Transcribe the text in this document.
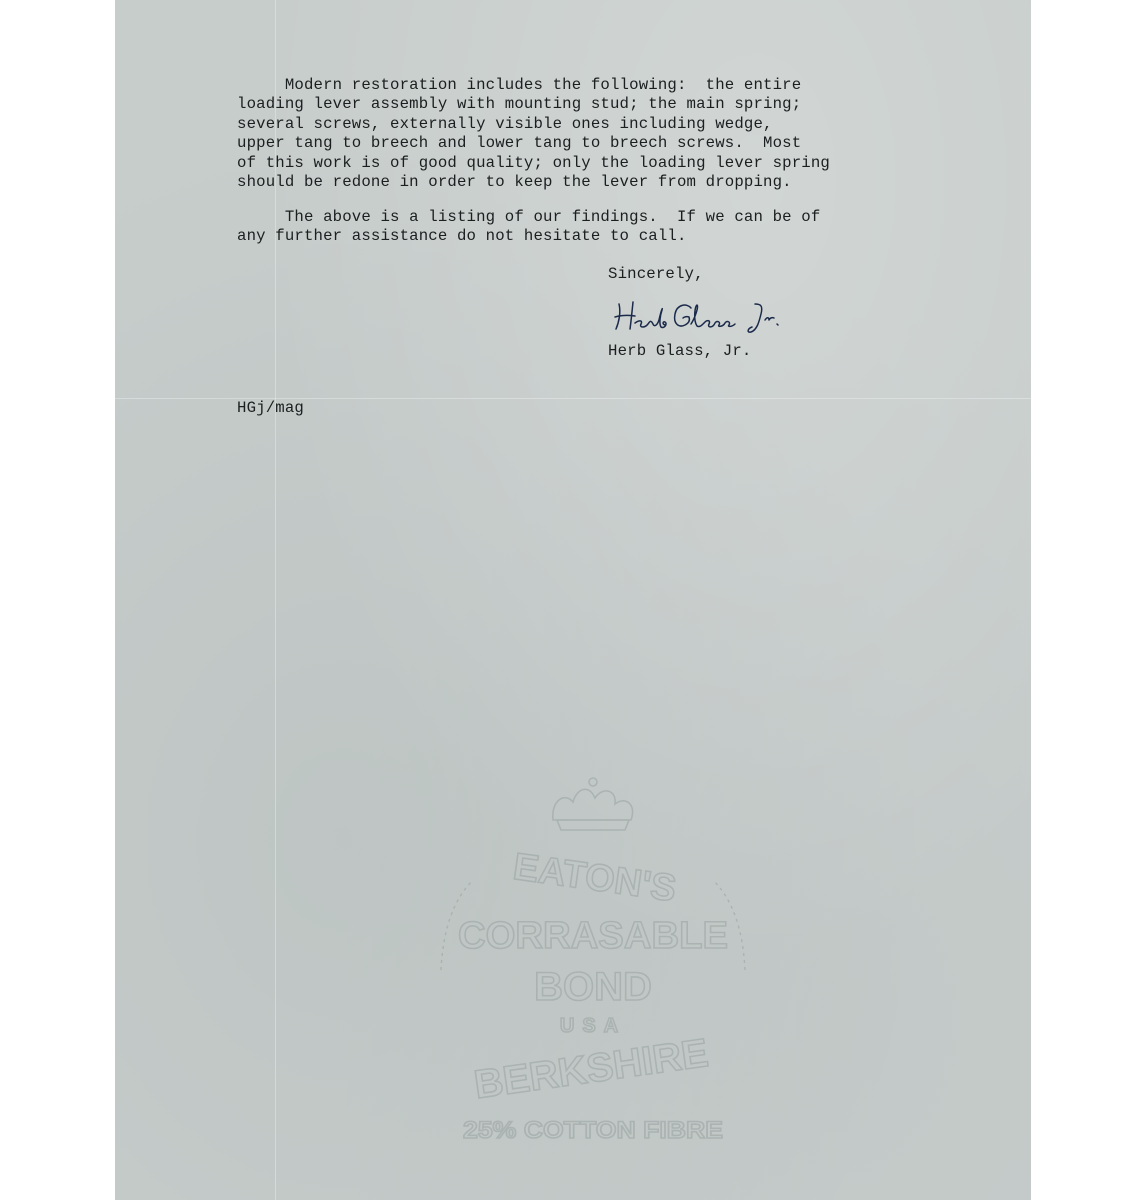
Modern restoration includes the following:  the entire
loading lever assembly with mounting stud; the main spring;
several screws, externally visible ones including wedge,
upper tang to breech and lower tang to breech screws.  Most
of this work is of good quality; only the loading lever spring
should be redone in order to keep the lever from dropping.

The above is a listing of our findings.  If we can be of
any further assistance do not hesitate to call.

Sincerely,

Herb Glass, Jr.

HGj/mag

EATON'S
CORRASABLE
BOND
USA
BERKSHIRE
25% COTTON FIBRE
